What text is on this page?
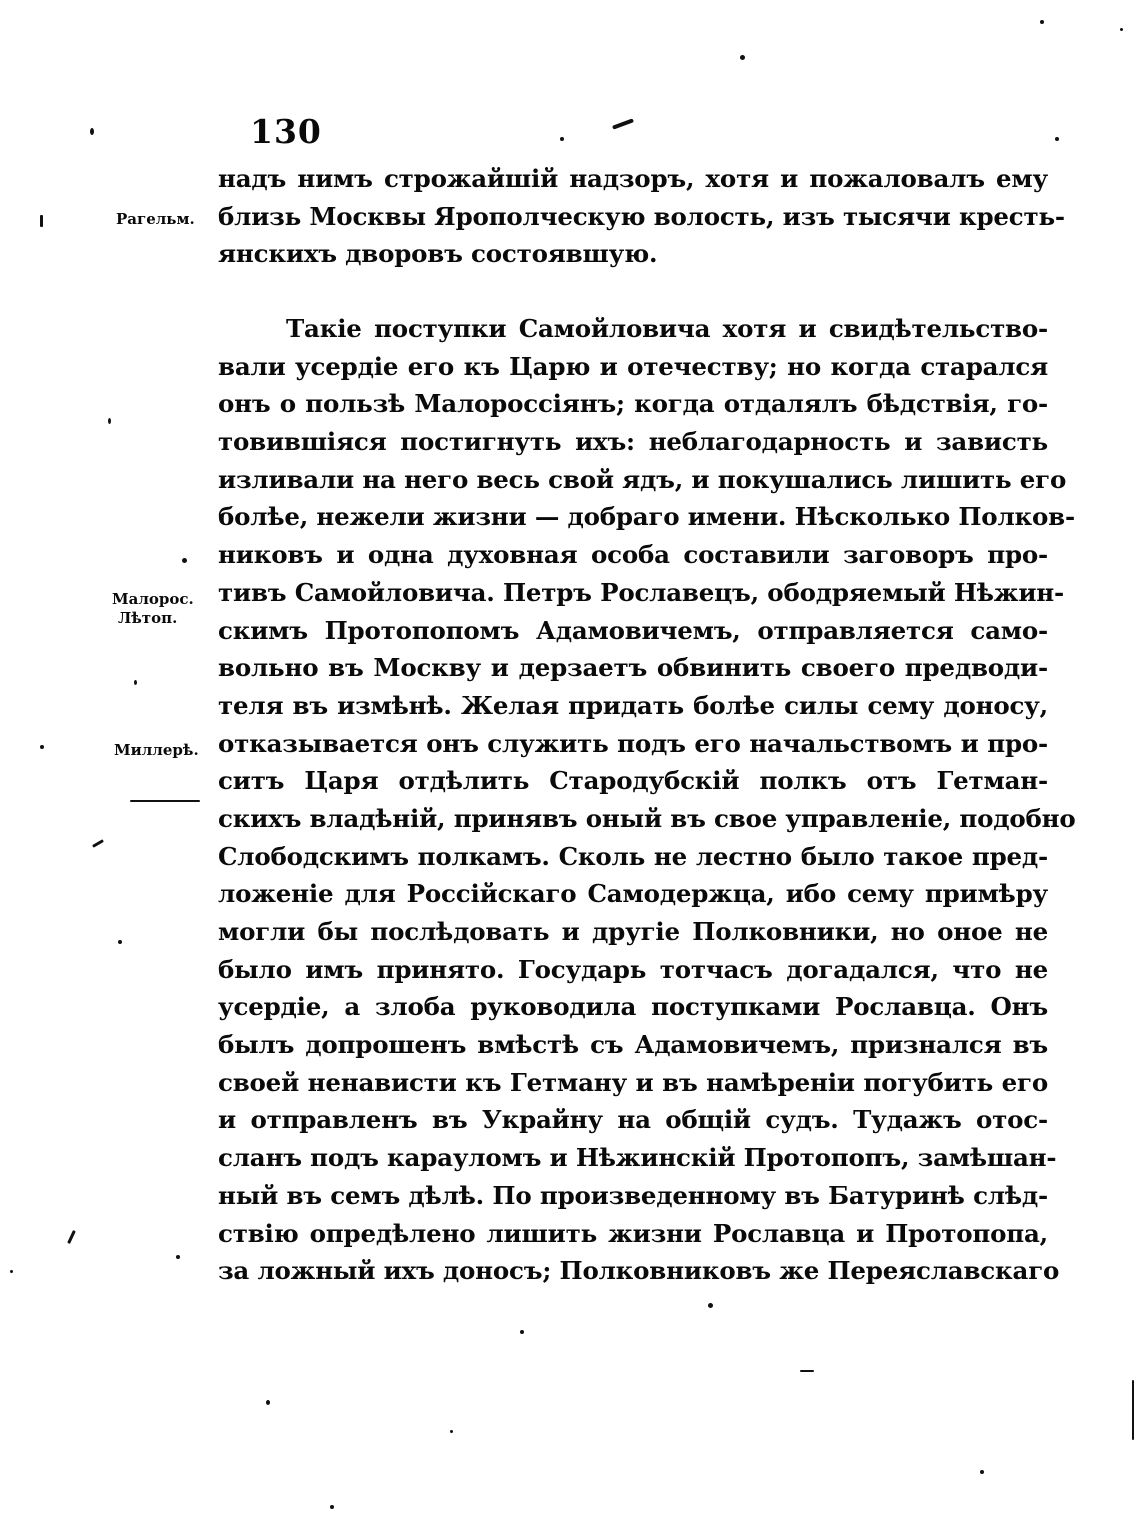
130
Рагельм.
Малорос.
Лѣтоп.
Миллерѣ.
надъ нимъ строжайшій надзоръ, хотя и пожаловалъ ему
близь Москвы Ярополческую волость, изъ тысячи кресть-
янскихъ дворовъ состоявшую.
Такіе поступки Самойловича хотя и свидѣтельство-
вали усердіе его къ Царю и отечеству; но когда старался
онъ о пользѣ Малороссіянъ; когда отдалялъ бѣдствія, го-
товившіяся постигнуть ихъ: неблагодарность и зависть
изливали на него весь свой ядъ, и покушались лишить его
болѣе, нежели жизни — добраго имени. Нѣсколько Полков-
никовъ и одна духовная особа составили заговоръ про-
тивъ Самойловича. Петръ Рославецъ, ободряемый Нѣжин-
скимъ Протопопомъ Адамовичемъ, отправляется само-
вольно въ Москву и дерзаетъ обвинить своего предводи-
теля въ измѣнѣ. Желая придать болѣе силы сему доносу,
отказывается онъ служить подъ его начальствомъ и про-
ситъ Царя отдѣлить Стародубскій полкъ отъ Гетман-
скихъ владѣній, принявъ оный въ свое управленіе, подобно
Слободскимъ полкамъ. Сколь не лестно было такое пред-
ложеніе для Россійскаго Самодержца, ибо сему примѣру
могли бы послѣдовать и другіе Полковники, но оное не
было имъ принято. Государь тотчасъ догадался, что не
усердіе, а злоба руководила поступками Рославца. Онъ
былъ допрошенъ вмѣстѣ съ Адамовичемъ, признался въ
своей ненависти къ Гетману и въ намѣреніи погубить его
и отправленъ въ Украйну на общій судъ. Тудажъ отос-
сланъ подъ карауломъ и Нѣжинскій Протопопъ, замѣшан-
ный въ семъ дѣлѣ. По произведенному въ Батуринѣ слѣд-
ствію опредѣлено лишить жизни Рославца и Протопопа,
за ложный ихъ доносъ; Полковниковъ же Переяславскаго
